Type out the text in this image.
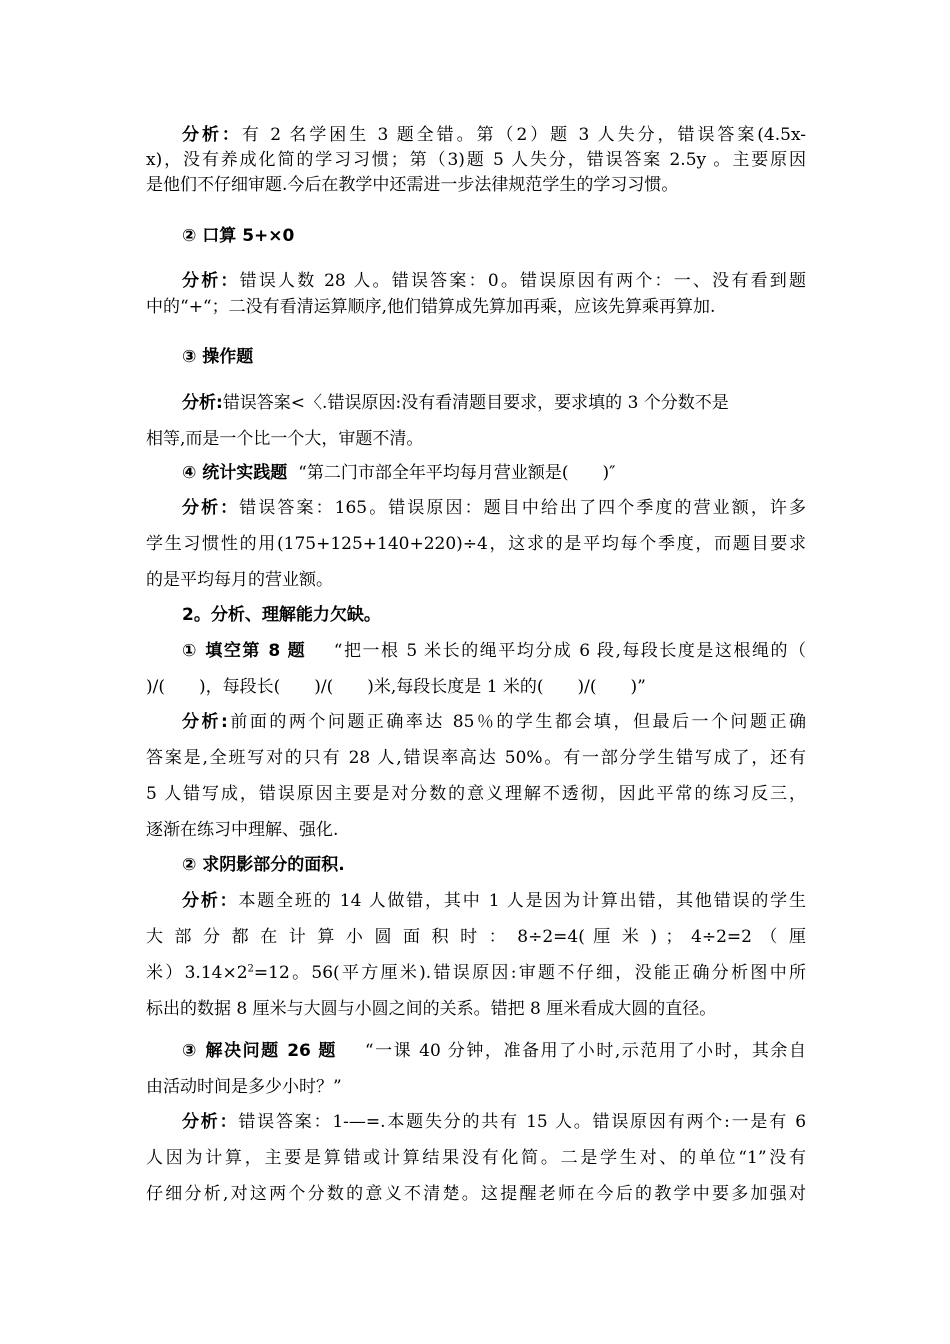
分析：有 2 名学困生 3 题全错。第（2）题 3 人失分，错误答案(4.5x-
x)，没有养成化简的学习习惯；第（3)题 5 人失分，错误答案 2.5y 。主要原因
是他们不仔细审题.今后在教学中还需进一步法律规范学生的学习习惯。
② 口算 5+×0
分析：错误人数 28 人。错误答案：0。错误原因有两个：一、没有看到题
中的“+“；二没有看清运算顺序,他们错算成先算加再乘，应该先算乘再算加.
③ 操作题
分析:错误答案<〈.错误原因:没有看清题目要求，要求填的 3 个分数不是
相等,而是一个比一个大，审题不清。
④ 统计实践题 “第二门市部全年平均每月营业额是(　　)″
分析：错误答案：165。错误原因：题目中给出了四个季度的营业额，许多
学生习惯性的用(175+125+140+220)÷4，这求的是平均每个季度，而题目要求
的是平均每月的营业额。
2。分析、理解能力欠缺。
① 填空第 8 题 “把一根 5 米长的绳平均分成 6 段,每段长度是这根绳的（
)/(　　)，每段长(　　)/(　　)米,每段长度是 1 米的(　　)/(　　)”
分析:前面的两个问题正确率达 85％的学生都会填，但最后一个问题正确
答案是,全班写对的只有 28 人,错误率高达 50%。有一部分学生错写成了，还有
5 人错写成，错误原因主要是对分数的意义理解不透彻，因此平常的练习反三，
逐渐在练习中理解、强化.
② 求阴影部分的面积.
分析：本题全班的 14 人做错，其中 1 人是因为计算出错，其他错误的学生
大 部 分 都 在 计 算 小 圆 面 积 时 ： 8÷2=4( 厘 米 ) ； 4÷2=2 （ 厘
米）$3.14\times 2^2=12$。56(平方厘米).错误原因:审题不仔细，没能正确分析图中所
标出的数据 8 厘米与大圆与小圆之间的关系。错把 8 厘米看成大圆的直径。
③ 解决问题 26 题 “一课 40 分钟，准备用了小时,示范用了小时，其余自
由活动时间是多少小时？”
分析：错误答案：1-—=.本题失分的共有 15 人。错误原因有两个:一是有 6
人因为计算，主要是算错或计算结果没有化简。二是学生对、的单位“1”没有
仔细分析,对这两个分数的意义不清楚。这提醒老师在今后的教学中要多加强对
